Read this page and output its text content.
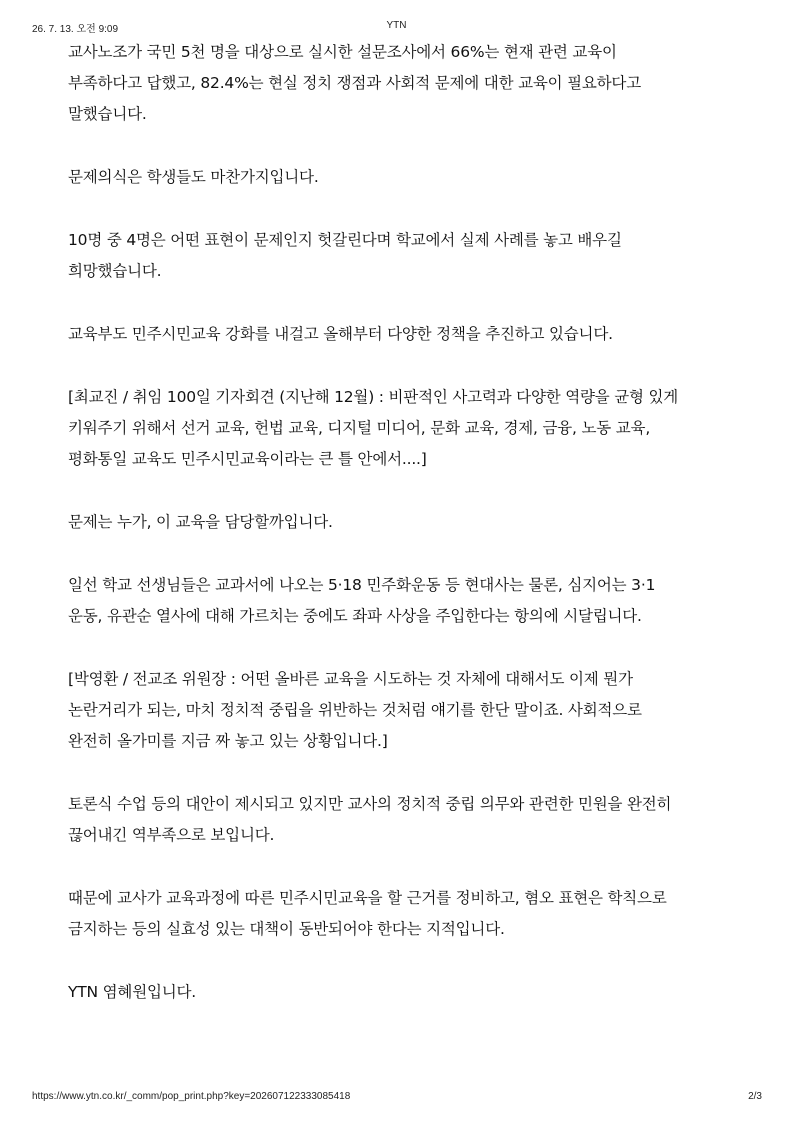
26. 7. 13. 오전 9:09	YTN

교사노조가 국민 5천 명을 대상으로 실시한 설문조사에서 66%는 현재 관련 교육이 부족하다고 답했고, 82.4%는 현실 정치 쟁점과 사회적 문제에 대한 교육이 필요하다고 말했습니다.

문제의식은 학생들도 마찬가지입니다.

10명 중 4명은 어떤 표현이 문제인지 헛갈린다며 학교에서 실제 사례를 놓고 배우길 희망했습니다.

교육부도 민주시민교육 강화를 내걸고 올해부터 다양한 정책을 추진하고 있습니다.

[최교진 / 취임 100일 기자회견 (지난해 12월) : 비판적인 사고력과 다양한 역량을 균형 있게 키워주기 위해서 선거 교육, 헌법 교육, 디지털 미디어, 문화 교육, 경제, 금융, 노동 교육, 평화통일 교육도 민주시민교육이라는 큰 틀 안에서....]

문제는 누가, 이 교육을 담당할까입니다.

일선 학교 선생님들은 교과서에 나오는 5·18 민주화운동 등 현대사는 물론, 심지어는 3·1 운동, 유관순 열사에 대해 가르치는 중에도 좌파 사상을 주입한다는 항의에 시달립니다.

[박영환 / 전교조 위원장 : 어떤 올바른 교육을 시도하는 것 자체에 대해서도 이제 뭔가 논란거리가 되는, 마치 정치적 중립을 위반하는 것처럼 얘기를 한단 말이죠. 사회적으로 완전히 올가미를 지금 짜 놓고 있는 상황입니다.]

토론식 수업 등의 대안이 제시되고 있지만 교사의 정치적 중립 의무와 관련한 민원을 완전히 끊어내긴 역부족으로 보입니다.

때문에 교사가 교육과정에 따른 민주시민교육을 할 근거를 정비하고, 혐오 표현은 학칙으로 금지하는 등의 실효성 있는 대책이 동반되어야 한다는 지적입니다.

YTN 염혜원입니다.

https://www.ytn.co.kr/_comm/pop_print.php?key=202607122333085418	2/3
